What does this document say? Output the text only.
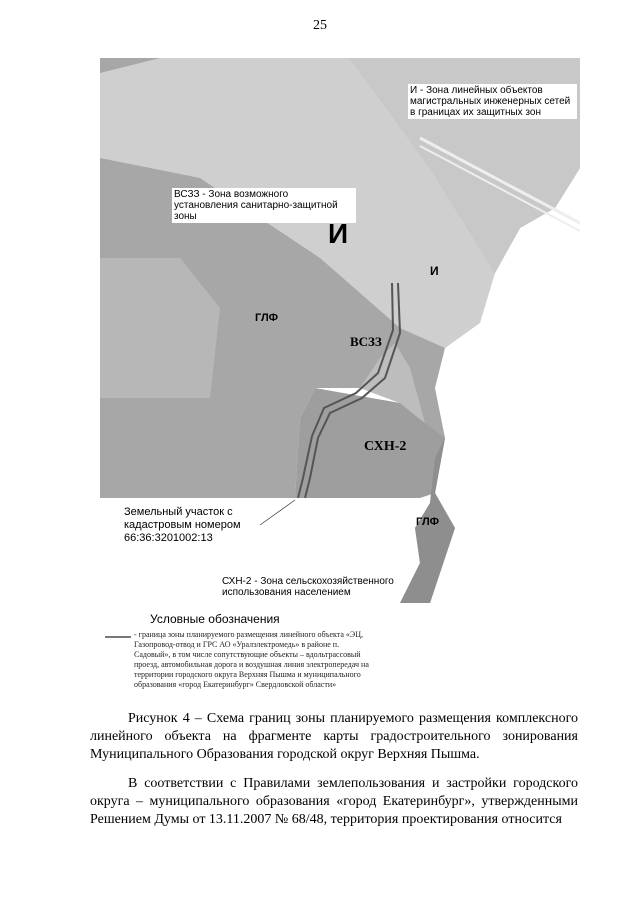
25
И - Зона линейных объектов магистральных инженерных сетей в границах их защитных зон
ВСЗЗ - Зона возможного установления санитарно-защитной зоны
И
И
ГЛФ
ВСЗЗ
СХН-2
ГЛФ
Земельный участок с кадастровым номером 66:36:3201002:13
СХН-2 - Зона сельскохозяйственного использования населением
Условные обозначения
- граница зоны планируемого размещения линейного объекта «ЭЦ, Газопровод-отвод и ГРС АО «Уралэлектромедь» в районе п. Садовый», в том числе сопутствующие объекты – вдольтрассовый проезд, автомобильная дорога и воздушная линия электропередач на территории городского округа Верхняя Пышма и муниципального образования «город Екатеринбург» Свердловской области»

Рисунок 4 – Схема границ зоны планируемого размещения комплексного линейного объекта на фрагменте карты градостроительного зонирования Муниципального Образования городской округ Верхняя Пышма.

В соответствии с Правилами землепользования и застройки городского округа – муниципального образования «город Екатеринбург», утвержденными Решением Думы от 13.11.2007 № 68/48, территория проектирования относится
